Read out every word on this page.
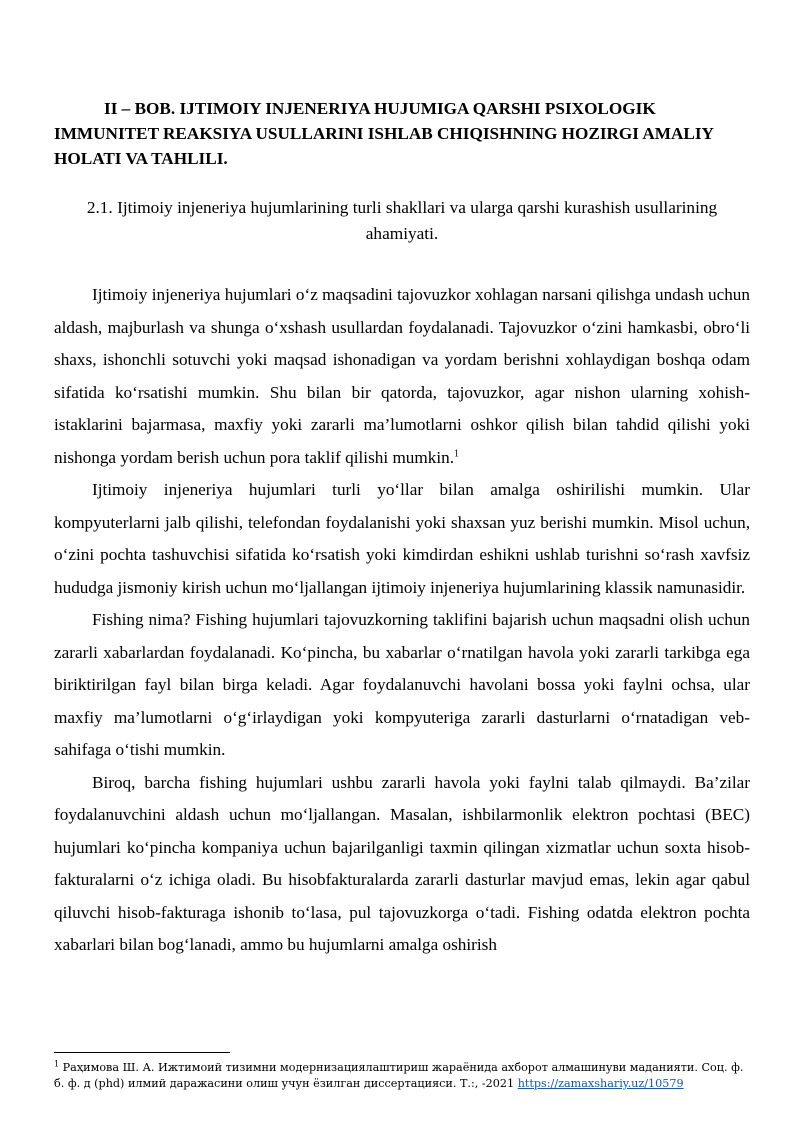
II – BOB. IJTIMOIY INJENERIYA HUJUMIGA QARSHI PSIXOLOGIK IMMUNITET REAKSIYA USULLARINI ISHLAB CHIQISHNING HOZIRGI AMALIY HOLATI VA TAHLILI.

2.1. Ijtimoiy injeneriya hujumlarining turli shakllari va ularga qarshi kurashish usullarining ahamiyati.

Ijtimoiy injeneriya hujumlari o‘z maqsadini tajovuzkor xohlagan narsani qilishga undash uchun aldash, majburlash va shunga o‘xshash usullardan foydalanadi. Tajovuzkor o‘zini hamkasbi, obro‘li shaxs, ishonchli sotuvchi yoki maqsad ishonadigan va yordam berishni xohlaydigan boshqa odam sifatida ko‘rsatishi mumkin. Shu bilan bir qatorda, tajovuzkor, agar nishon ularning xohish-istaklarini bajarmasa, maxfiy yoki zararli ma’lumotlarni oshkor qilish bilan tahdid qilishi yoki nishonga yordam berish uchun pora taklif qilishi mumkin.$^1$

Ijtimoiy injeneriya hujumlari turli yo‘llar bilan amalga oshirilishi mumkin. Ular kompyuterlarni jalb qilishi, telefondan foydalanishi yoki shaxsan yuz berishi mumkin. Misol uchun, o‘zini pochta tashuvchisi sifatida ko‘rsatish yoki kimdirdan eshikni ushlab turishni so‘rash xavfsiz hududga jismoniy kirish uchun mo‘ljallangan ijtimoiy injeneriya hujumlarining klassik namunasidir.

Fishing nima? Fishing hujumlari tajovuzkorning taklifini bajarish uchun maqsadni olish uchun zararli xabarlardan foydalanadi. Ko‘pincha, bu xabarlar o‘rnatilgan havola yoki zararli tarkibga ega biriktirilgan fayl bilan birga keladi. Agar foydalanuvchi havolani bossa yoki faylni ochsa, ular maxfiy ma’lumotlarni o‘g‘irlaydigan yoki kompyuteriga zararli dasturlarni o‘rnatadigan veb-sahifaga o‘tishi mumkin.

Biroq, barcha fishing hujumlari ushbu zararli havola yoki faylni talab qilmaydi. Ba’zilar foydalanuvchini aldash uchun mo‘ljallangan. Masalan, ishbilarmonlik elektron pochtasi (BEC) hujumlari ko‘pincha kompaniya uchun bajarilganligi taxmin qilingan xizmatlar uchun soxta hisob-fakturalarni o‘z ichiga oladi. Bu hisobfakturalarda zararli dasturlar mavjud emas, lekin agar qabul qiluvchi hisob-fakturaga ishonib to‘lasa, pul tajovuzkorga o‘tadi. Fishing odatda elektron pochta xabarlari bilan bog‘lanadi, ammo bu hujumlarni amalga oshirish

$^1$ Раҳимова Ш. А. Ижтимоий тизимни модернизациялаштириш жараёнида ахборот алмашинуви маданияти. Соц. ф. б. ф. д (phd) илмий даражасини олиш учун ёзилган диссертацияси. Т.:, -2021 https://zamaxshariy.uz/10579
